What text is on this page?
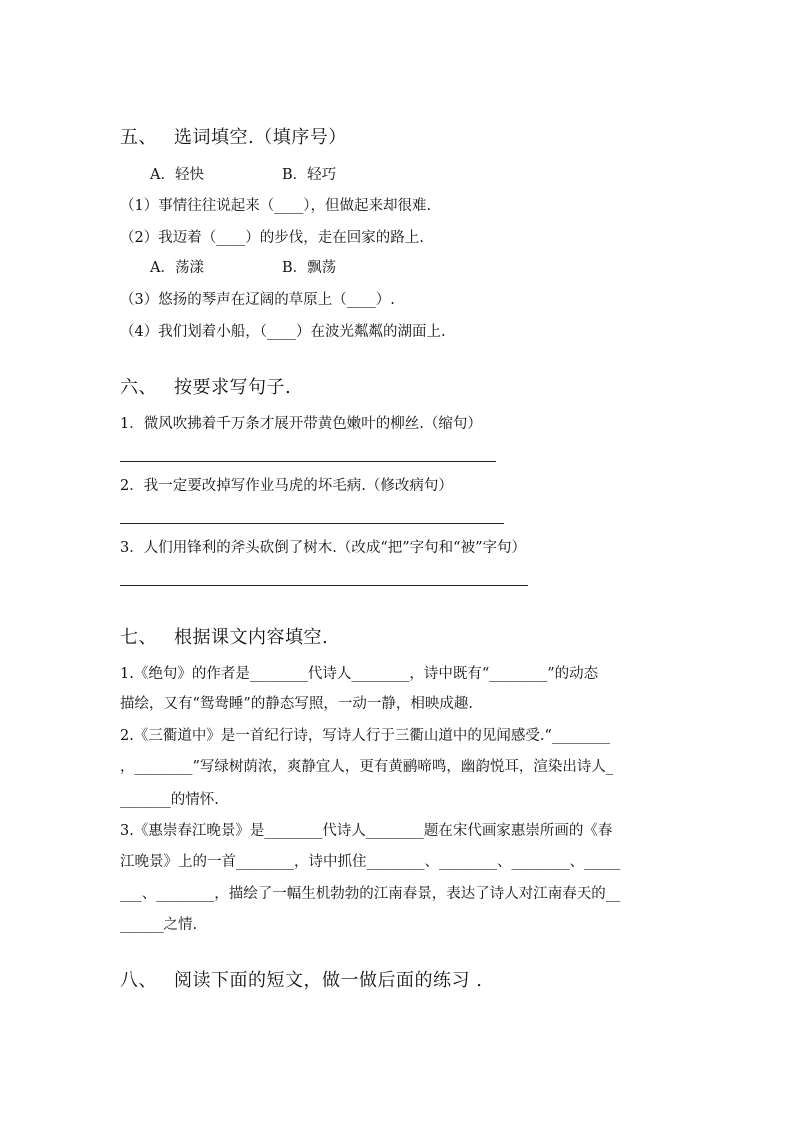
五、 选词填空.（填序号）
A．轻快	B．轻巧
（1）事情往往说起来（____），但做起来却很难.
（2）我迈着（____）的步伐，走在回家的路上.
A．荡漾	B．飘荡
（3）悠扬的琴声在辽阔的草原上（____）.
（4）我们划着小船，（____）在波光粼粼的湖面上.
六、 按要求写句子.
1．微风吹拂着千万条才展开带黄色嫩叶的柳丝.（缩句）
2．我一定要改掉写作业马虎的坏毛病.（修改病句）
3．人们用锋利的斧头砍倒了树木.（改成“把”字句和“被”字句）
七、 根据课文内容填空.
1.《绝句》的作者是________代诗人________，诗中既有“________”的动态
描绘，又有“鸳鸯睡”的静态写照，一动一静，相映成趣.
2.《三衢道中》是一首纪行诗，写诗人行于三衢山道中的见闻感受.“________
，________”写绿树荫浓，爽静宜人，更有黄鹂啼鸣，幽韵悦耳，渲染出诗人_
_______的情怀.
3.《惠崇春江晚景》是________代诗人________题在宋代画家惠崇所画的《春
江晚景》上的一首________，诗中抓住________、________、________、_____
___、________，描绘了一幅生机勃勃的江南春景，表达了诗人对江南春天的__
______之情.
八、 阅读下面的短文，做一做后面的练习 .
